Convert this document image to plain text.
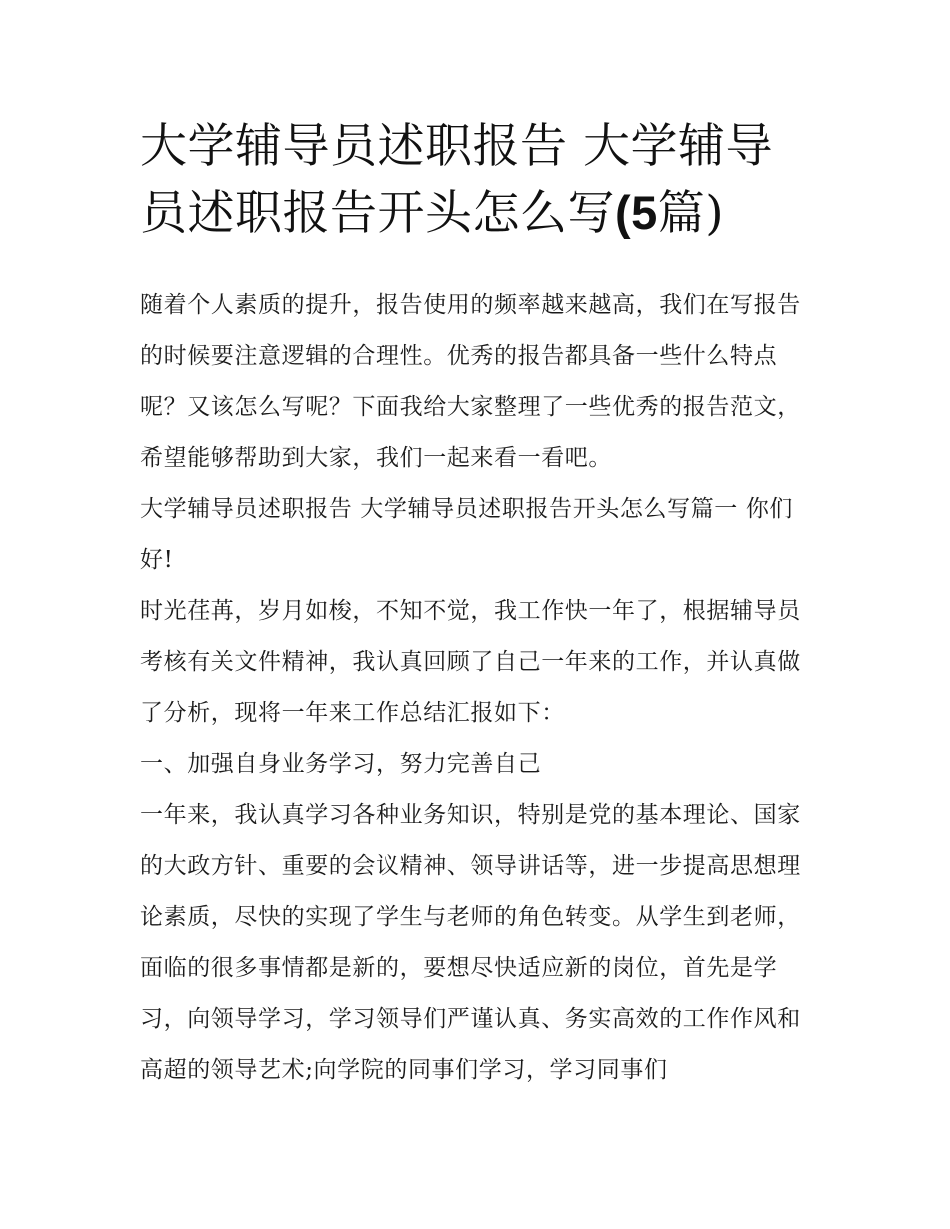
大学辅导员述职报告 大学辅导
员述职报告开头怎么写(5篇)

随着个人素质的提升，报告使用的频率越来越高，我们在写报告的时候要注意逻辑的合理性。优秀的报告都具备一些什么特点呢？又该怎么写呢？下面我给大家整理了一些优秀的报告范文，希望能够帮助到大家，我们一起来看一看吧。

大学辅导员述职报告 大学辅导员述职报告开头怎么写篇一 你们好!

时光荏苒，岁月如梭，不知不觉，我工作快一年了，根据辅导员考核有关文件精神，我认真回顾了自己一年来的工作，并认真做了分析，现将一年来工作总结汇报如下：

一、加强自身业务学习，努力完善自己

一年来，我认真学习各种业务知识，特别是党的基本理论、国家的大政方针、重要的会议精神、领导讲话等，进一步提高思想理论素质，尽快的实现了学生与老师的角色转变。从学生到老师，面临的很多事情都是新的，要想尽快适应新的岗位，首先是学习，向领导学习，学习领导们严谨认真、务实高效的工作作风和高超的领导艺术;向学院的同事们学习，学习同事们
